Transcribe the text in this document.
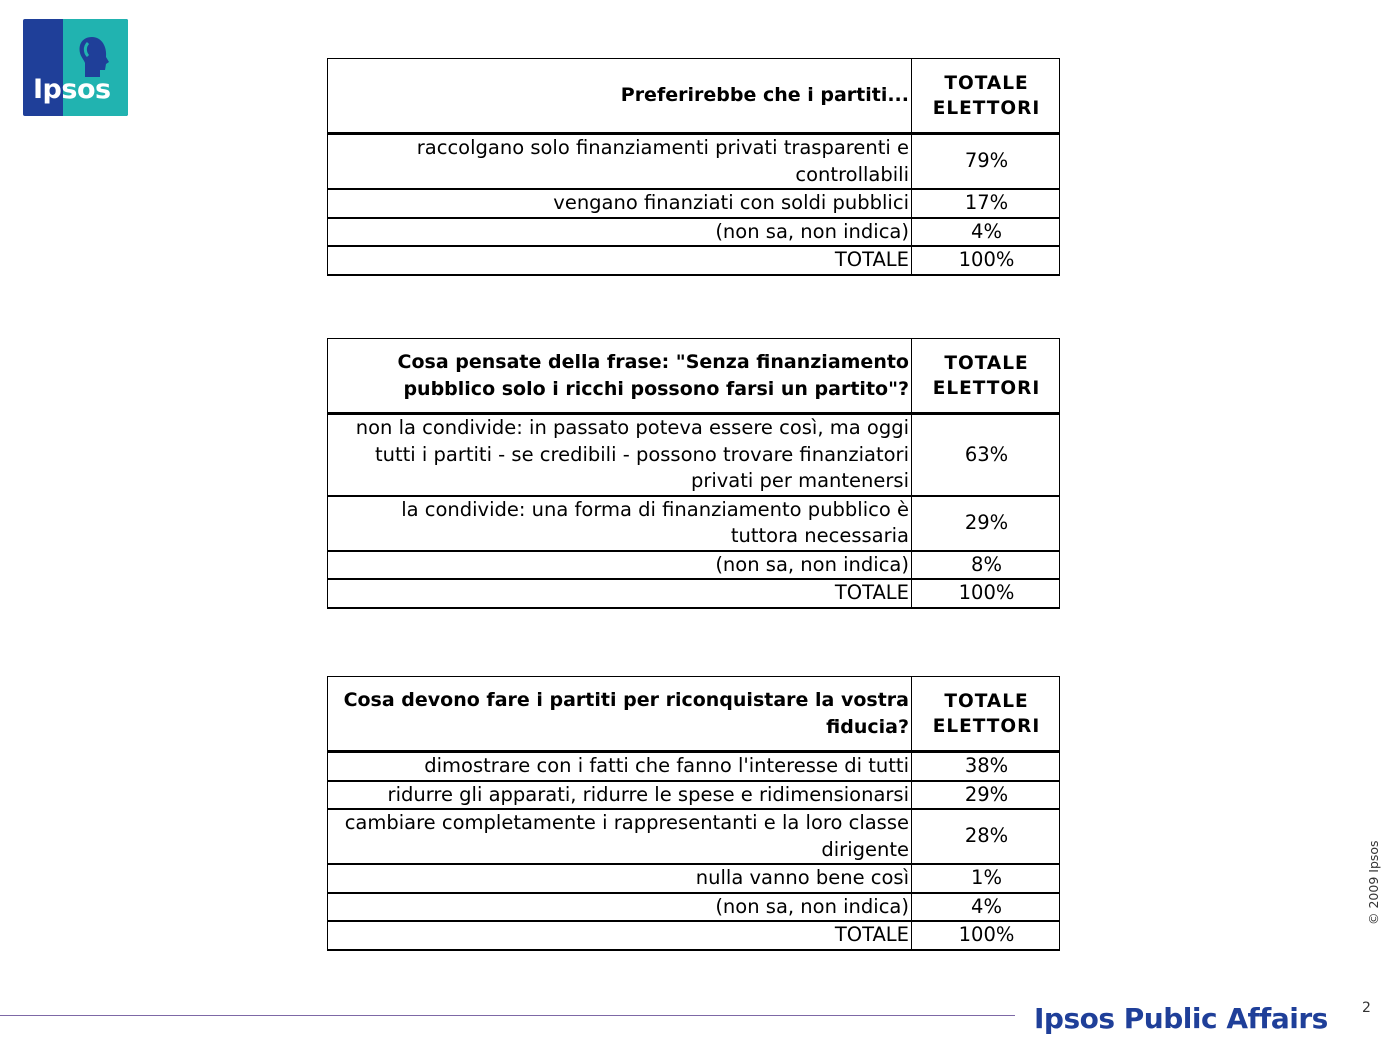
Ipsos	Preferirebbe che i partiti...	TOTALE ELETTORI
raccolgano solo finanziamenti privati trasparenti e controllabili	79%
vengano finanziati con soldi pubblici	17%
(non sa, non indica)	4%
TOTALE	100%
Cosa pensate della frase: "Senza finanziamento pubblico solo i ricchi possono farsi un partito"?	TOTALE ELETTORI
non la condivide: in passato poteva essere così, ma oggi tutti i partiti - se credibili - possono trovare finanziatori privati per mantenersi	63%
la condivide: una forma di finanziamento pubblico è tuttora necessaria	29%
(non sa, non indica)	8%
TOTALE	100%
Cosa devono fare i partiti per riconquistare la vostra fiducia?	TOTALE ELETTORI
dimostrare con i fatti che fanno l'interesse di tutti	38%
ridurre gli apparati, ridurre le spese e ridimensionarsi	29%
cambiare completamente i rappresentanti e la loro classe dirigente	28%
nulla vanno bene così	1%
(non sa, non indica)	4%
TOTALE	100%
© 2009 Ipsos
Ipsos Public Affairs 2
